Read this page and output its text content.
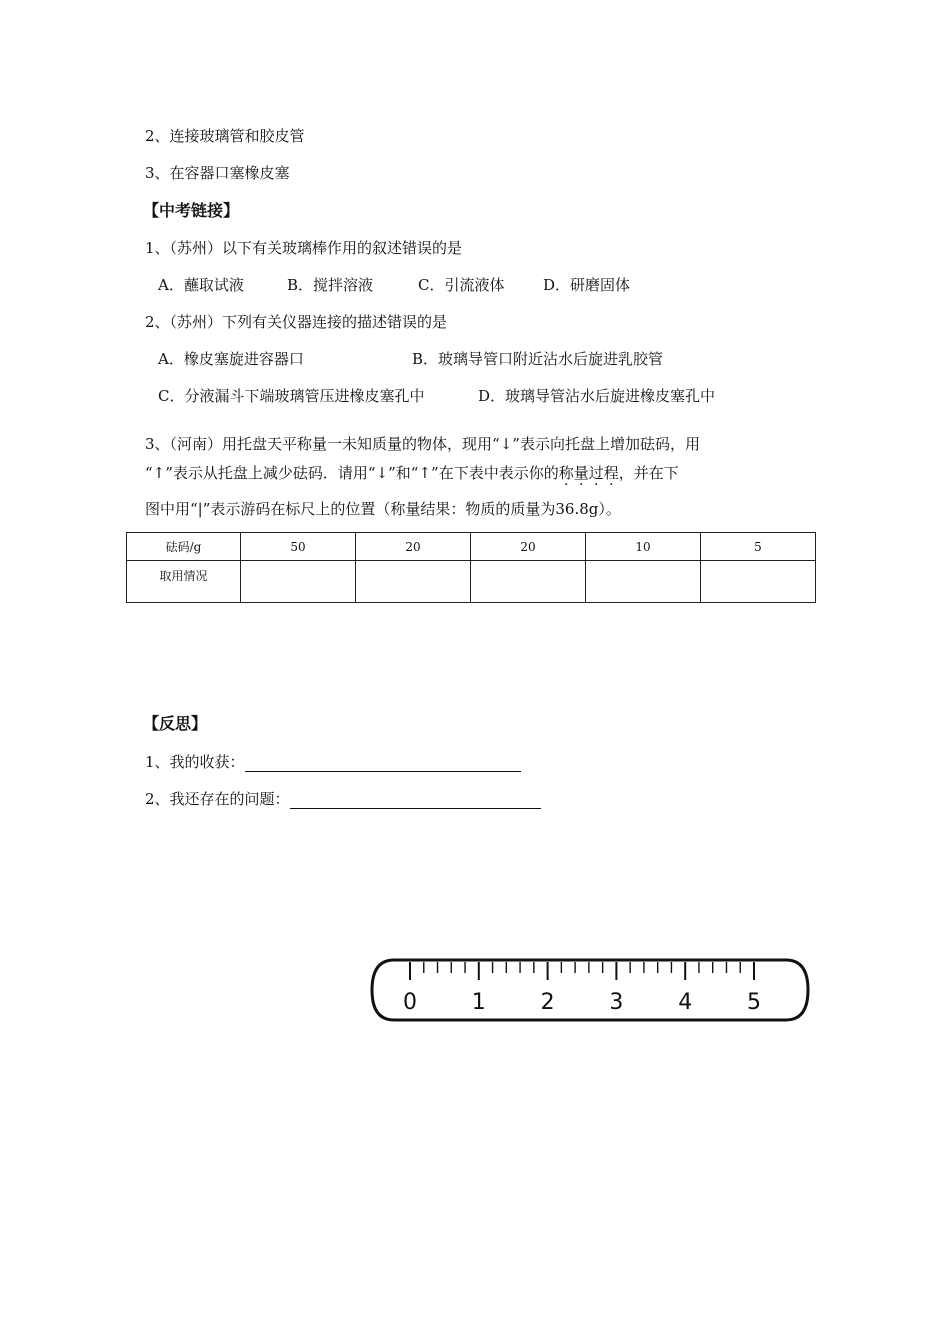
2、连接玻璃管和胶皮管
3、在容器口塞橡皮塞
【中考链接】
1、（苏州）以下有关玻璃棒作用的叙述错误的是
A．蘸取试液	B．搅拌溶液	C．引流液体	D．研磨固体
2、（苏州）下列有关仪器连接的描述错误的是
A．橡皮塞旋进容器口	B．玻璃导管口附近沾水后旋进乳胶管
C．分液漏斗下端玻璃管压进橡皮塞孔中	D．玻璃导管沾水后旋进橡皮塞孔中
3、（河南）用托盘天平称量一未知质量的物体，现用“↓”表示向托盘上增加砝码，用
“↑”表示从托盘上减少砝码．请用“↓”和“↑”在下表中表示你的称量过程，并在下
图中用“|”表示游码在标尺上的位置（称量结果：物质的质量为36.8g）。
砝码/g	50	20	20	10	5
取用情况					
【反思】
1、我的收获：
2、我还存在的问题：
0 1 2 3 4 5
